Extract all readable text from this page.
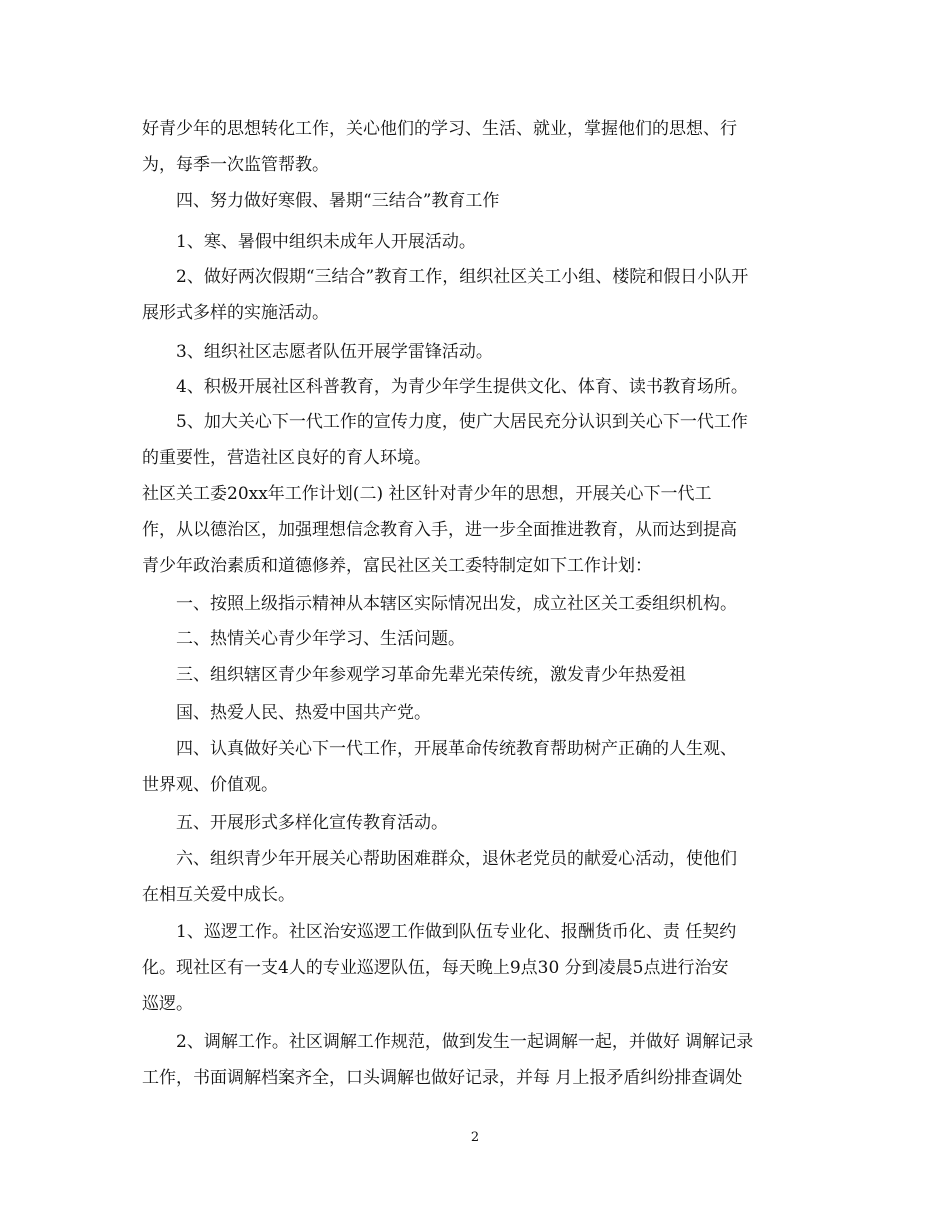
好青少年的思想转化工作，关心他们的学习、生活、就业，掌握他们的思想、行
为，每季一次监管帮教。
四、努力做好寒假、暑期“三结合”教育工作
1、寒、暑假中组织未成年人开展活动。
2、做好两次假期“三结合”教育工作，组织社区关工小组、楼院和假日小队开
展形式多样的实施活动。
3、组织社区志愿者队伍开展学雷锋活动。
4、积极开展社区科普教育，为青少年学生提供文化、体育、读书教育场所。
5、加大关心下一代工作的宣传力度，使广大居民充分认识到关心下一代工作
的重要性，营造社区良好的育人环境。
社区关工委20xx年工作计划(二) 社区针对青少年的思想，开展关心下一代工
作，从以德治区，加强理想信念教育入手，进一步全面推进教育，从而达到提高
青少年政治素质和道德修养，富民社区关工委特制定如下工作计划：
一、按照上级指示精神从本辖区实际情况出发，成立社区关工委组织机构。
二、热情关心青少年学习、生活问题。
三、组织辖区青少年参观学习革命先辈光荣传统，激发青少年热爱祖
国、热爱人民、热爱中国共产党。
四、认真做好关心下一代工作，开展革命传统教育帮助树产正确的人生观、
世界观、价值观。
五、开展形式多样化宣传教育活动。
六、组织青少年开展关心帮助困难群众，退休老党员的献爱心活动，使他们
在相互关爱中成长。
1、巡逻工作。社区治安巡逻工作做到队伍专业化、报酬货币化、责 任契约
化。现社区有一支4人的专业巡逻队伍，每天晚上9点30 分到凌晨5点进行治安
巡逻。
2、调解工作。社区调解工作规范，做到发生一起调解一起，并做好 调解记录
工作，书面调解档案齐全，口头调解也做好记录，并每 月上报矛盾纠纷排查调处
2
